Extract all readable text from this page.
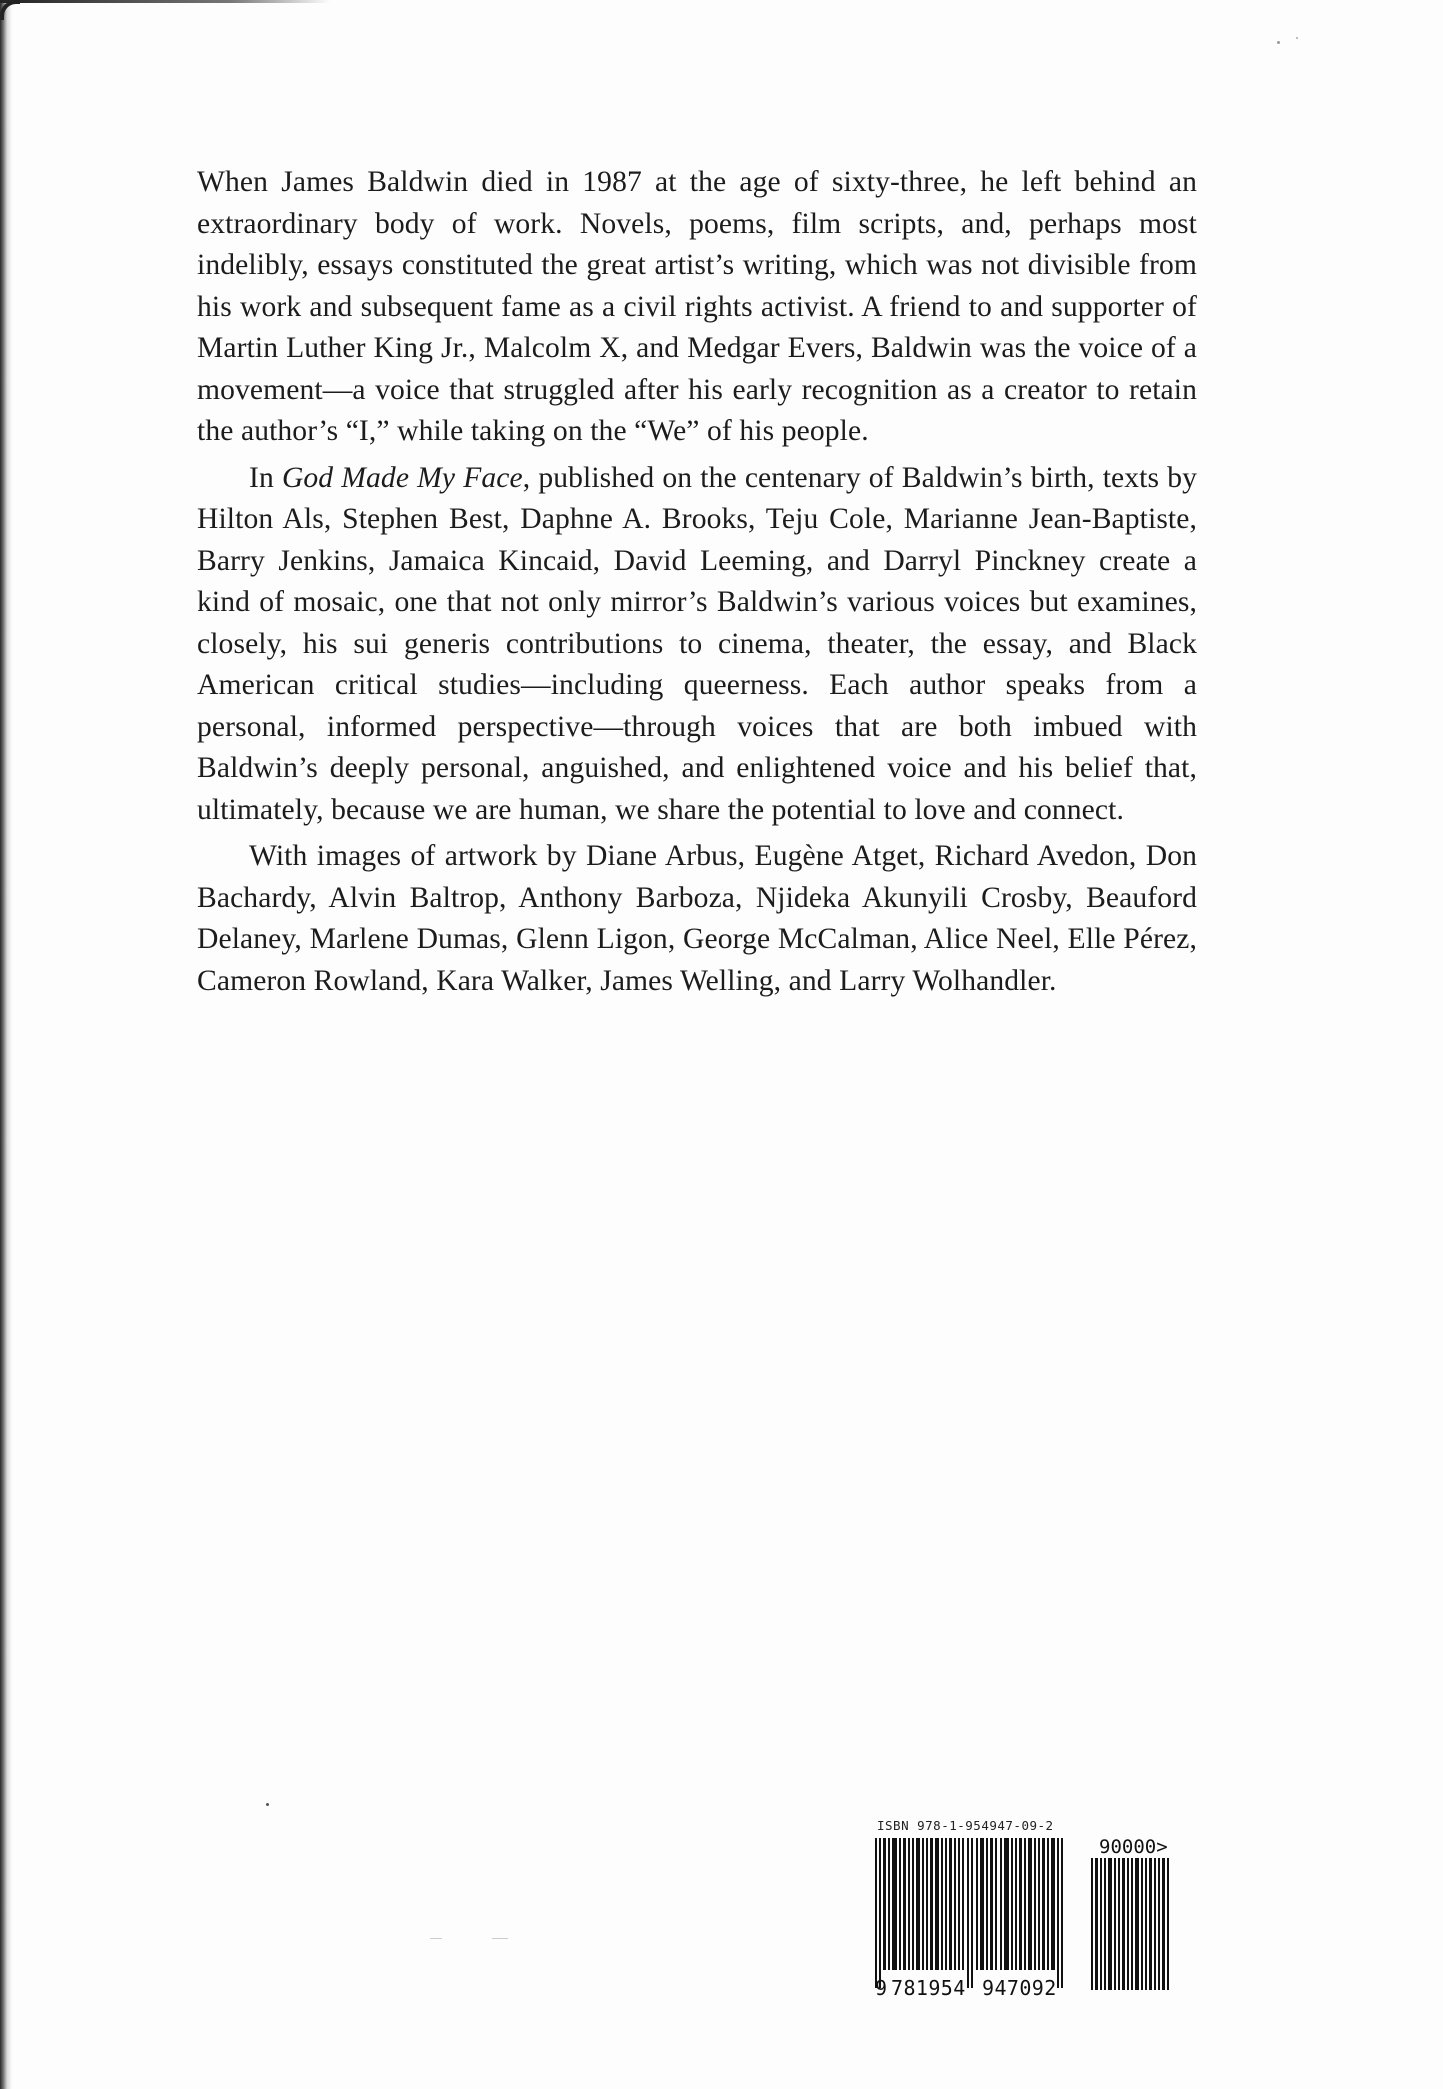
When James Baldwin died in 1987 at the age of sixty-three, he left behind an extraordinary body of work. Novels, poems, film scripts, and, perhaps most indelibly, essays constituted the great artist’s writing, which was not divisible from his work and subsequent fame as a civil rights activist. A friend to and supporter of Martin Luther King Jr., Malcolm X, and Medgar Evers, Baldwin was the voice of a movement—a voice that struggled after his early recognition as a creator to retain the author’s “I,” while taking on the “We” of his people.

In God Made My Face, published on the centenary of Baldwin’s birth, texts by Hilton Als, Stephen Best, Daphne A. Brooks, Teju Cole, Marianne Jean-Baptiste, Barry Jenkins, Jamaica Kincaid, David Leeming, and Darryl Pinckney create a kind of mosaic, one that not only mirror’s Baldwin’s various voices but examines, closely, his sui generis contributions to cinema, theater, the essay, and Black American critical studies—including queerness. Each author speaks from a personal, informed perspective—through voices that are both imbued with Baldwin’s deeply personal, anguished, and enlightened voice and his belief that, ultimately, because we are human, we share the potential to love and connect.

With images of artwork by Diane Arbus, Eugène Atget, Richard Avedon, Don Bachardy, Alvin Baltrop, Anthony Barboza, Njideka Akunyili Crosby, Beauford Delaney, Marlene Dumas, Glenn Ligon, George McCalman, Alice Neel, Elle Pérez, Cameron Rowland, Kara Walker, James Welling, and Larry Wolhandler.

ISBN 978-1-954947-09-2
90000>
9 781954 947092
